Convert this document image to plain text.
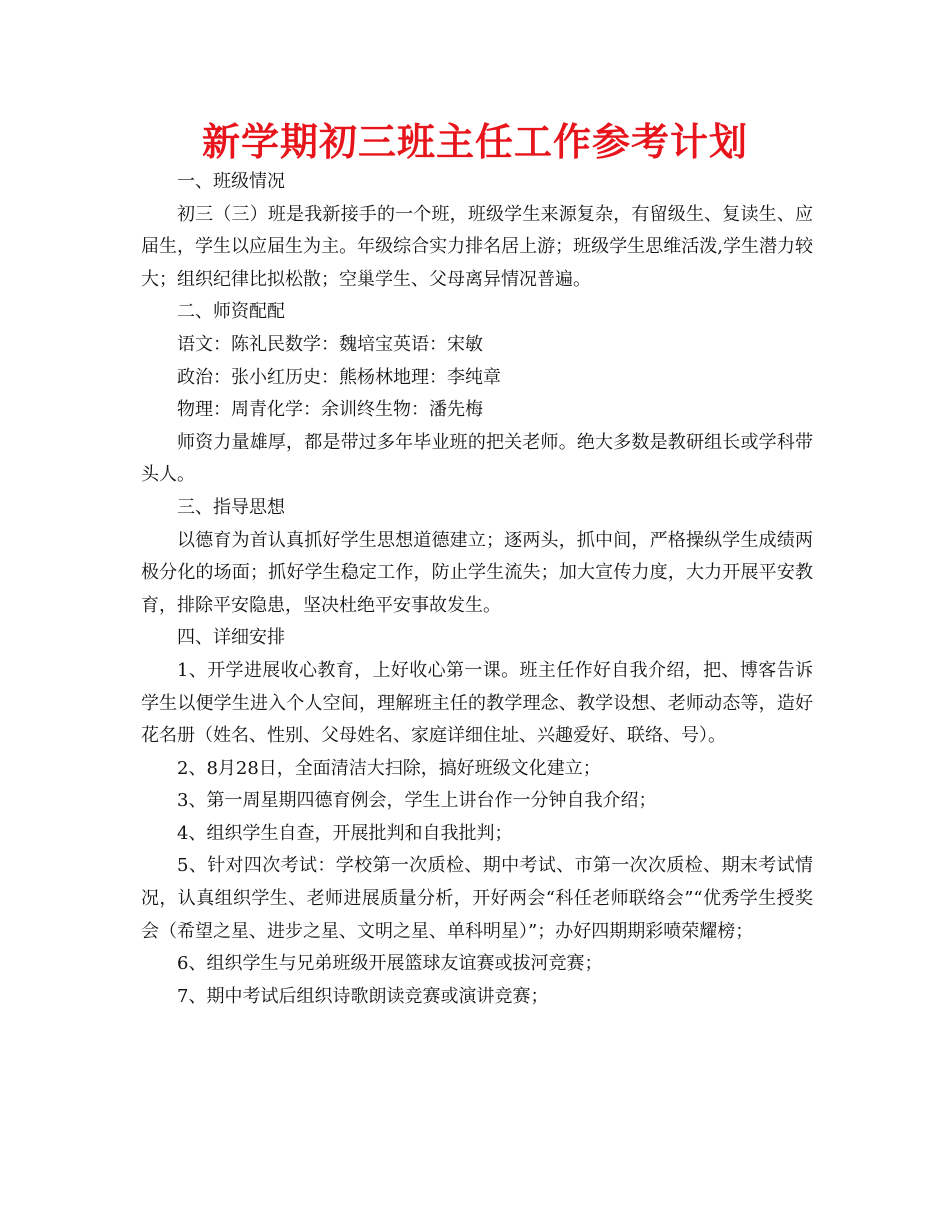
新学期初三班主任工作参考计划

一、班级情况

初三（三）班是我新接手的一个班，班级学生来源复杂，有留级生、复读生、应届生，学生以应届生为主。年级综合实力排名居上游；班级学生思维活泼,学生潜力较大；组织纪律比拟松散；空巢学生、父母离异情况普遍。

二、师资配配

语文：陈礼民数学：魏培宝英语：宋敏

政治：张小红历史：熊杨林地理：李纯章

物理：周青化学：余训终生物：潘先梅

师资力量雄厚，都是带过多年毕业班的把关老师。绝大多数是教研组长或学科带头人。

三、指导思想

以德育为首认真抓好学生思想道德建立；逐两头，抓中间，严格操纵学生成绩两极分化的场面；抓好学生稳定工作，防止学生流失；加大宣传力度，大力开展平安教育，排除平安隐患，坚决杜绝平安事故发生。

四、详细安排

1、开学进展收心教育，上好收心第一课。班主任作好自我介绍，把、博客告诉学生以便学生进入个人空间，理解班主任的教学理念、教学设想、老师动态等，造好花名册（姓名、性别、父母姓名、家庭详细住址、兴趣爱好、联络、号）。

2、8月28日，全面清洁大扫除，搞好班级文化建立；

3、第一周星期四德育例会，学生上讲台作一分钟自我介绍；

4、组织学生自查，开展批判和自我批判；

5、针对四次考试：学校第一次质检、期中考试、市第一次次质检、期末考试情况，认真组织学生、老师进展质量分析，开好两会“科任老师联络会”“优秀学生授奖会（希望之星、进步之星、文明之星、单科明星）”；办好四期期彩喷荣耀榜；

6、组织学生与兄弟班级开展篮球友谊赛或拔河竞赛；

7、期中考试后组织诗歌朗读竞赛或演讲竞赛；
